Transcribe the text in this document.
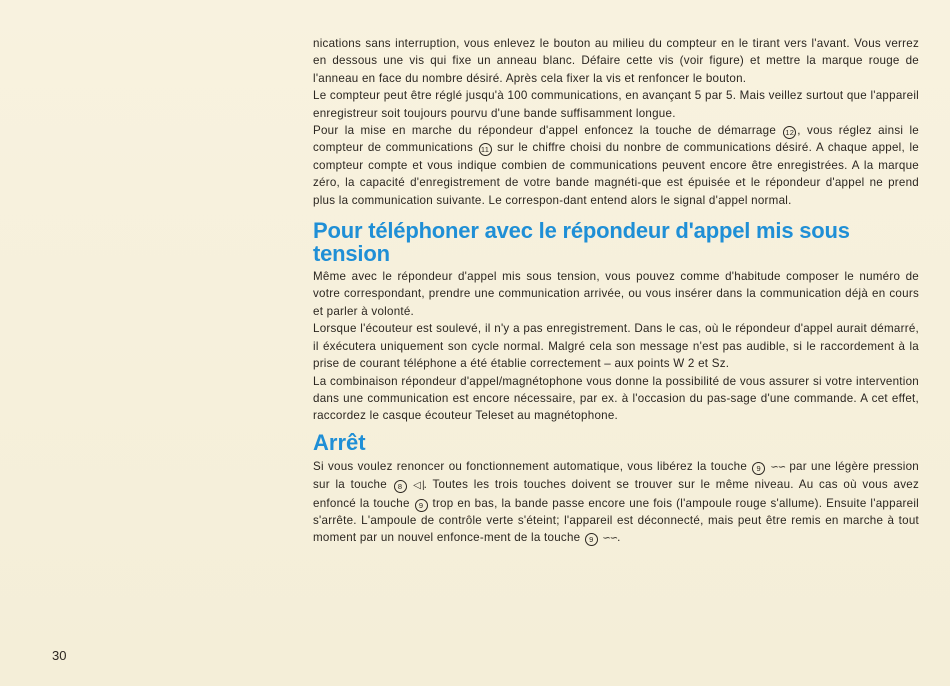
nications sans interruption, vous enlevez le bouton au milieu du compteur en le tirant vers l'avant. Vous verrez en dessous une vis qui fixe un anneau blanc. Défaire cette vis (voir figure) et mettre la marque rouge de l'anneau en face du nombre désiré. Après cela fixer la vis et renfoncer le bouton.

Le compteur peut être réglé jusqu'à 100 communications, en avançant 5 par 5. Mais veillez surtout que l'appareil enregistreur soit toujours pourvu d'une bande suffisamment longue.

Pour la mise en marche du répondeur d'appel enfoncez la touche de démarrage 12 , vous réglez ainsi le compteur de communications 11 sur le chiffre choisi du nonbre de communications désiré. A chaque appel, le compteur compte et vous indique combien de communications peuvent encore être enregistrées. A la marque zéro, la capacité d'enregistrement de votre bande magnéti-que est épuisée et le répondeur d'appel ne prend plus la communication suivante. Le correspon-dant entend alors le signal d'appel normal.

Pour téléphoner avec le répondeur d'appel mis sous tension

Même avec le répondeur d'appel mis sous tension, vous pouvez comme d'habitude composer le numéro de votre correspondant, prendre une communication arrivée, ou vous insérer dans la communication déjà en cours et parler à volonté.

Lorsque l'écouteur est soulevé, il n'y a pas enregistrement. Dans le cas, où le répondeur d'appel aurait démarré, il éxécutera uniquement son cycle normal. Malgré cela son message n'est pas audible, si le raccordement à la prise de courant téléphone a été établie correctement – aux points W 2 et Sz.

La combinaison répondeur d'appel/magnétophone vous donne la possibilité de vous assurer si votre intervention dans une communication est encore nécessaire, par ex. à l'occasion du pas-sage d'une commande. A cet effet, raccordez le casque écouteur Teleset au magnétophone.

Arrêt

Si vous voulez renoncer ou fonctionnement automatique, vous libérez la touche 9 ∽∽ par une légère pression sur la touche 8 ◁|. Toutes les trois touches doivent se trouver sur le même niveau. Au cas où vous avez enfoncé la touche 9 trop en bas, la bande passe encore une fois (l'ampoule rouge s'allume). Ensuite l'appareil s'arrête. L'ampoule de contrôle verte s'éteint; l'appareil est déconnecté, mais peut être remis en marche à tout moment par un nouvel enfonce-ment de la touche 9 ∽∽.

30
